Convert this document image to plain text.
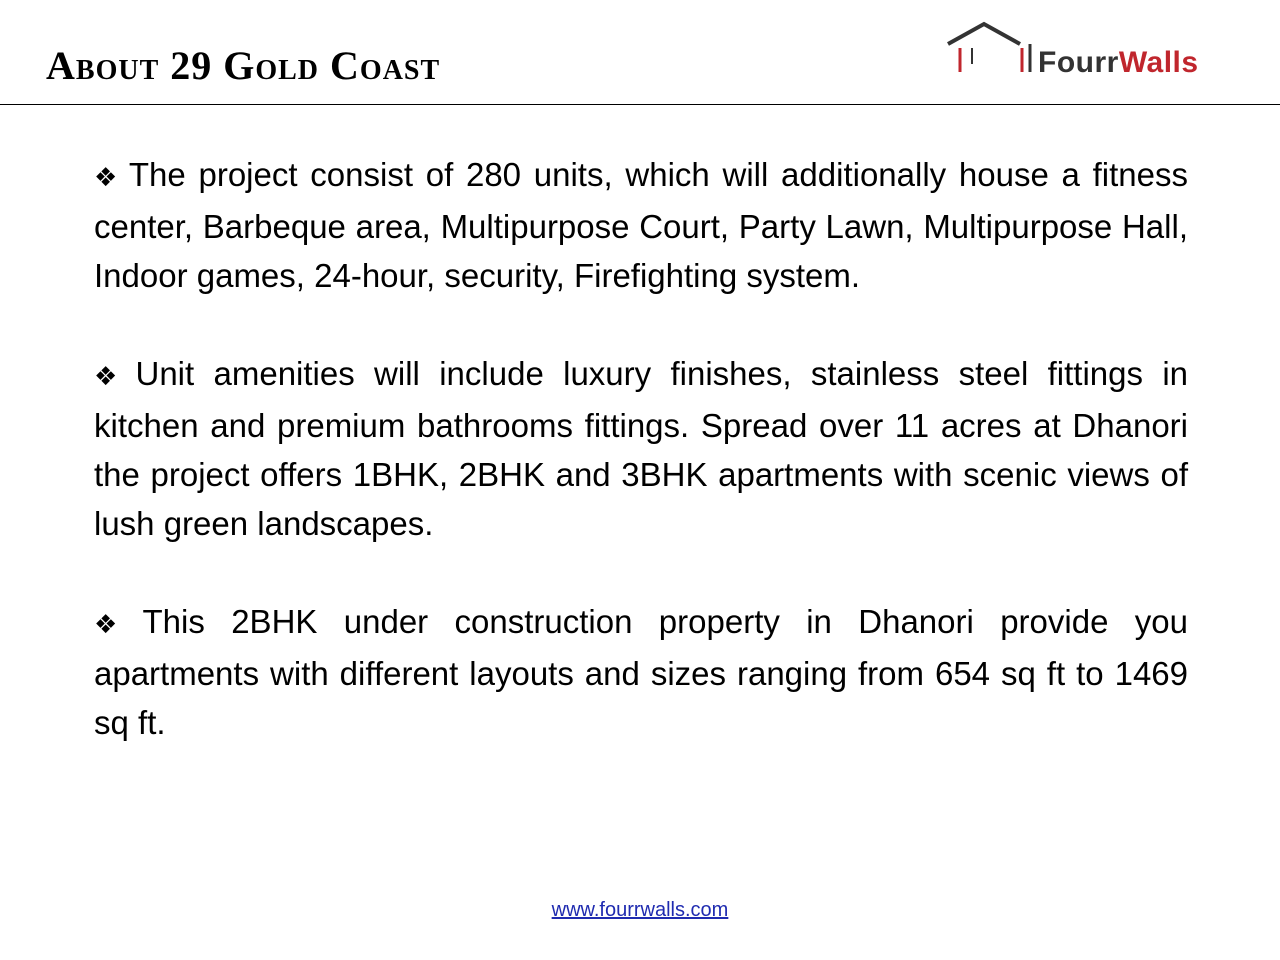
About 29 Gold Coast	FourrWalls

❖ The project consist of 280 units, which will additionally house a fitness center, Barbeque area, Multipurpose Court, Party Lawn, Multipurpose Hall, Indoor games, 24-hour, security, Firefighting system.

❖ Unit amenities will include luxury finishes, stainless steel fittings in kitchen and premium bathrooms fittings. Spread over 11 acres at Dhanori the project offers 1BHK, 2BHK and 3BHK apartments with scenic views of lush green landscapes.

❖ This 2BHK under construction property in Dhanori provide you apartments with different layouts and sizes ranging from 654 sq ft to 1469 sq ft.

www.fourrwalls.com
